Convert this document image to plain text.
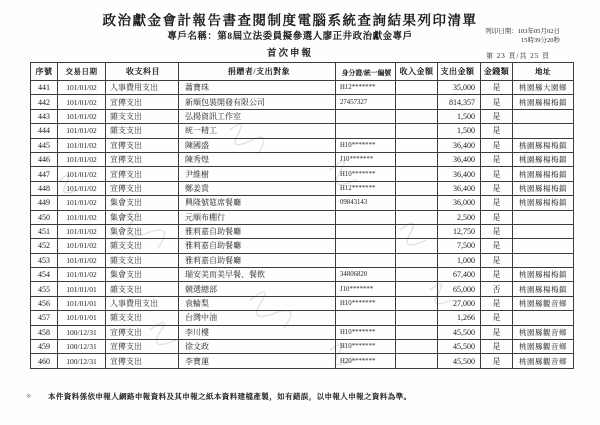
政治獻金會計報告書查閱制度電腦系統查詢結果列印清單
專戶名稱：第8屆立法委員擬參選人廖正井政治獻金專戶
首次申報
列印日期：103年05月02日
15時39分20秒
第 23 頁/共 25 頁
序號	交易日期	收支科目	捐贈者/支出對象	身分證/統一編號	收入金額	支出金額	金錢類	地址
441	101/01/02	人事費用支出	蕭寶珠	H12*******		35,000	是	桃園縣大園鄉
442	101/01/02	宣傳支出	新順包裝開發有限公司	27457327		814,357	是	桃園縣楊梅鎮
443	101/01/02	雜支支出	弘揚資訊工作室			1,500	是	
444	101/01/02	雜支支出	統一精工			1,500	是	
445	101/01/02	宣傳支出	陳國盛	H10*******		36,400	是	桃園縣楊梅鎮
446	101/01/02	宣傳支出	陳秀煌	J10*******		36,400	是	桃園縣楊梅鎮
447	101/01/02	宣傳支出	尹維樹	H10*******		36,400	是	桃園縣楊梅鎮
448	101/01/02	宣傳支出	鄭姜貴	H12*******		36,400	是	桃園縣楊梅鎮
449	101/01/02	集會支出	興隆號筵席餐廳	09843143		36,000	是	桃園縣楊梅鎮
450	101/01/02	集會支出	元順布棚行			2,500	是	
451	101/01/02	集會支出	雅莉嘉自助餐廳			12,750	是	
452	101/01/02	雜支支出	雅莉嘉自助餐廳			7,500	是	
453	101/01/02	雜支支出	雅莉嘉自助餐廳			1,000	是	
454	101/01/02	集會支出	瑞安美而美早餐、餐飲	34806820		67,400	是	桃園縣楊梅鎮
455	101/01/01	雜支支出	競選總部	J10*******		65,000	否	桃園縣楊梅鎮
456	101/01/01	人事費用支出	袁輪梨	H10*******		27,000	是	桃園縣觀音鄉
457	101/01/01	雜支支出	台灣中油			1,266	是	
458	100/12/31	宣傳支出	李川樓	H10*******		45,500	是	桃園縣觀音鄉
459	100/12/31	宣傳支出	徐文政	H10*******		45,500	是	桃園縣觀音鄉
460	100/12/31	宣傳支出	李寶蓮	H20*******		45,500	是	桃園縣觀音鄉
※ 本件資料係依申報人網路申報資料及其申報之紙本資料建檔產製，如有錯誤，以申報人申報之資料為準。
